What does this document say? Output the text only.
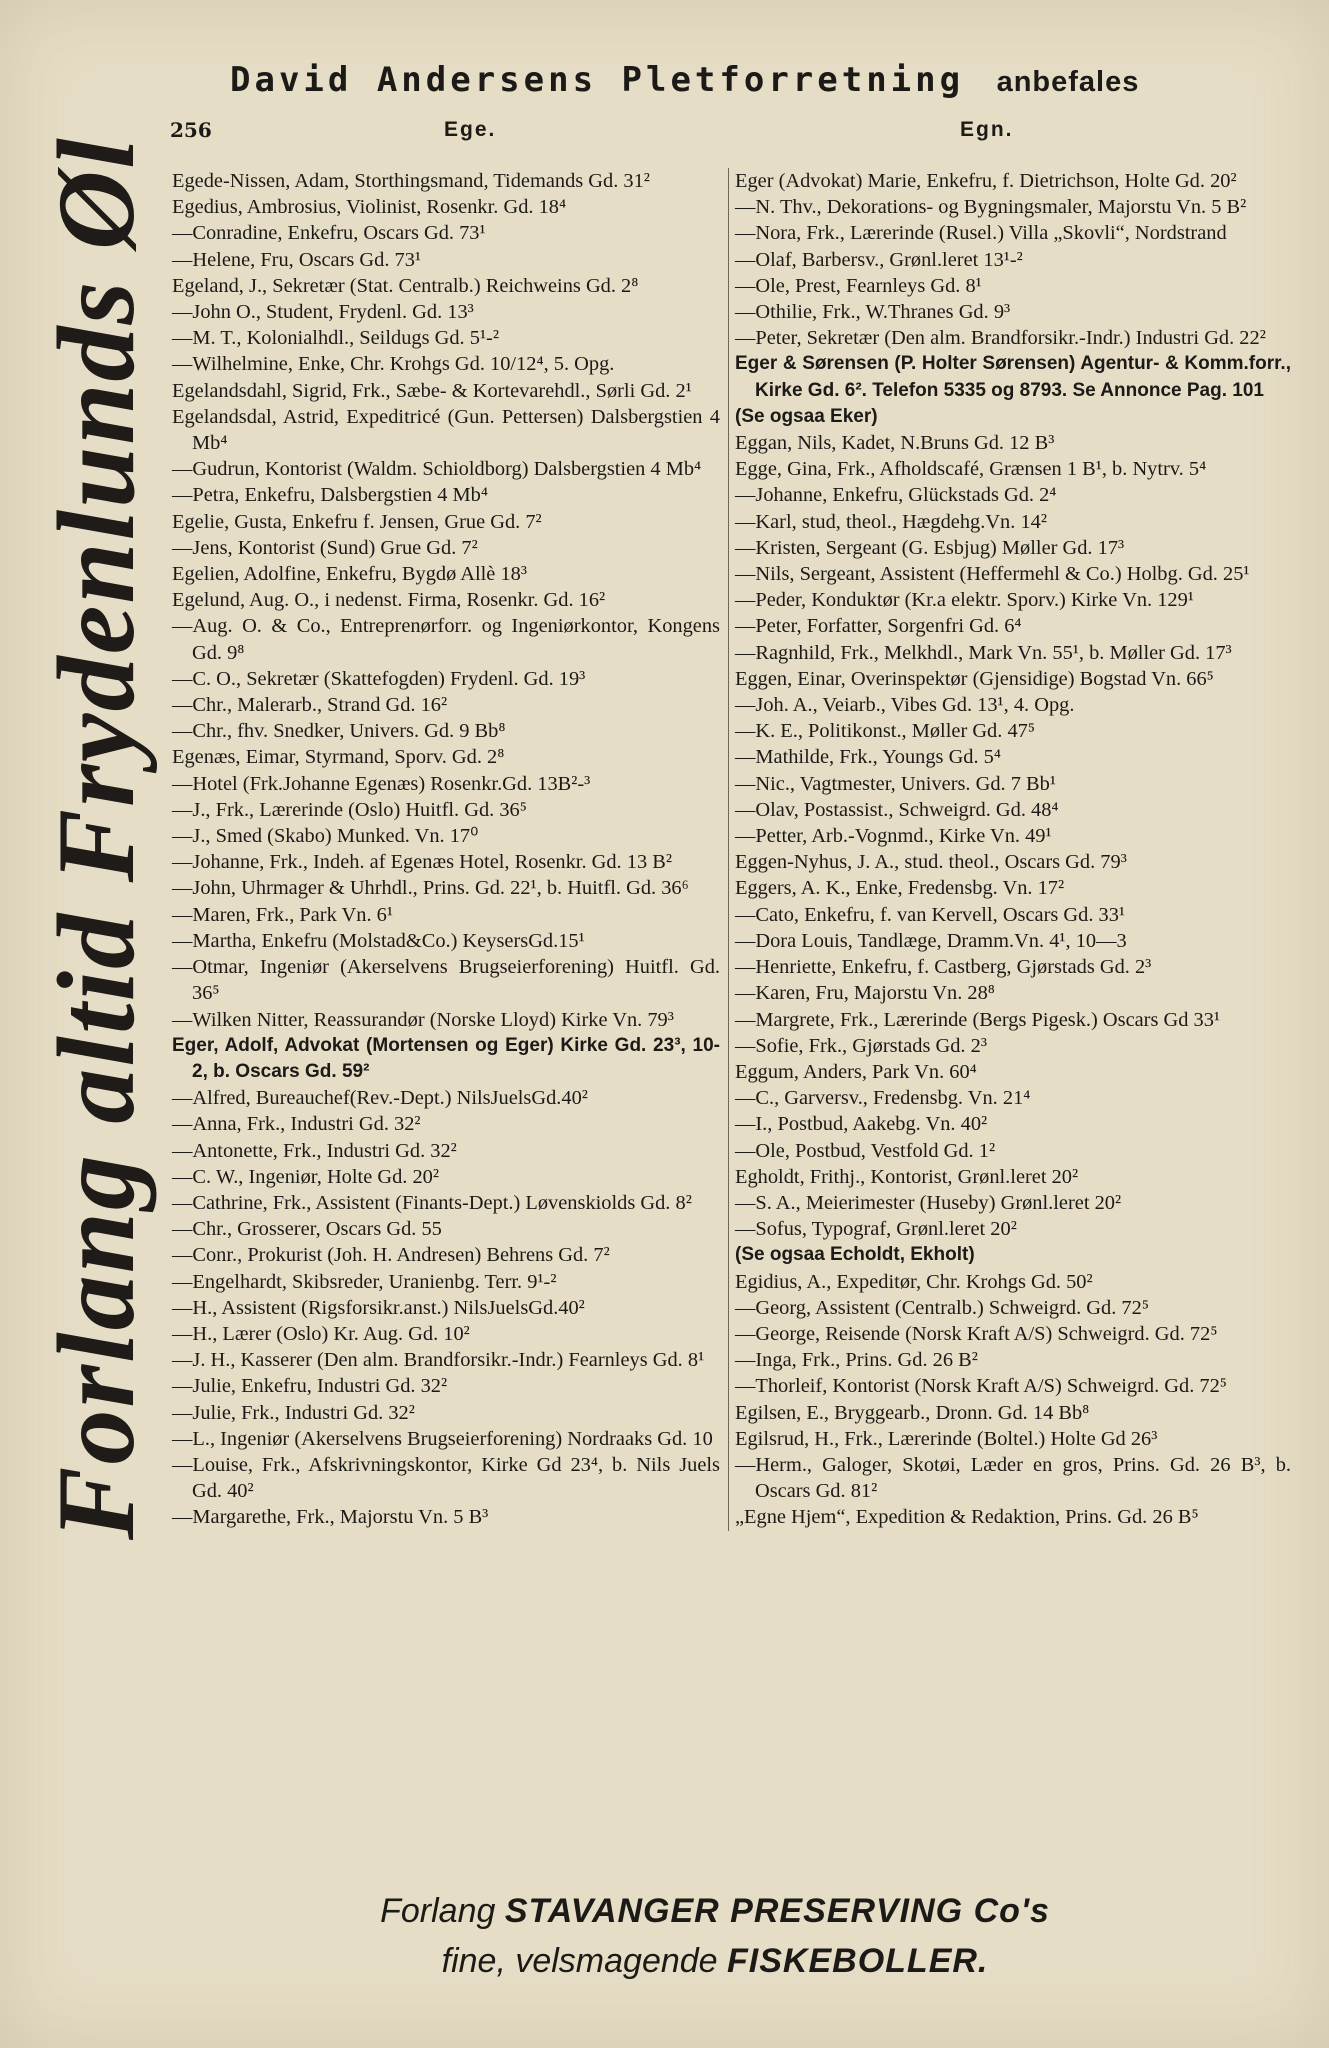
David Andersens Pletforretning anbefales
256	Ege.	Egn.
Forlang altid Frydenlunds Øl Egede-Nissen, Adam, Storthingsmand, Tidemands Gd. 31²
Egedius, Ambrosius, Violinist, Rosenkr. Gd. 18⁴
—Conradine, Enkefru, Oscars Gd. 73¹
—Helene, Fru, Oscars Gd. 73¹
Egeland, J., Sekretær (Stat. Centralb.) Reichweins Gd. 2⁸
—John O., Student, Frydenl. Gd. 13³
—M. T., Kolonialhdl., Seildugs Gd. 5¹-²
—Wilhelmine, Enke, Chr. Krohgs Gd. 10/12⁴, 5. Opg.
Egelandsdahl, Sigrid, Frk., Sæbe- & Kortevarehdl., Sørli Gd. 2¹
Egelandsdal, Astrid, Expeditricé (Gun. Pettersen) Dalsbergstien 4 Mb⁴
—Gudrun, Kontorist (Waldm. Schioldborg) Dalsbergstien 4 Mb⁴
—Petra, Enkefru, Dalsbergstien 4 Mb⁴
Egelie, Gusta, Enkefru f. Jensen, Grue Gd. 7²
—Jens, Kontorist (Sund) Grue Gd. 7²
Egelien, Adolfine, Enkefru, Bygdø Allè 18³
Egelund, Aug. O., i nedenst. Firma, Rosenkr. Gd. 16²
—Aug. O. & Co., Entreprenørforr. og Ingeniørkontor, Kongens Gd. 9⁸
—C. O., Sekretær (Skattefogden) Frydenl. Gd. 19³
—Chr., Malerarb., Strand Gd. 16²
—Chr., fhv. Snedker, Univers. Gd. 9 Bb⁸
Egenæs, Eimar, Styrmand, Sporv. Gd. 2⁸
—Hotel (Frk.Johanne Egenæs) Rosenkr.Gd. 13B²-³
—J., Frk., Lærerinde (Oslo) Huitfl. Gd. 36⁵
—J., Smed (Skabo) Munked. Vn. 17⁰
—Johanne, Frk., Indeh. af Egenæs Hotel, Rosenkr. Gd. 13 B²
—John, Uhrmager & Uhrhdl., Prins. Gd. 22¹, b. Huitfl. Gd. 36⁶
—Maren, Frk., Park Vn. 6¹
—Martha, Enkefru (Molstad&Co.) KeysersGd.15¹
—Otmar, Ingeniør (Akerselvens Brugseierforening) Huitfl. Gd. 36⁵
—Wilken Nitter, Reassurandør (Norske Lloyd) Kirke Vn. 79³
Eger, Adolf, Advokat (Mortensen og Eger) Kirke Gd. 23³, 10-2, b. Oscars Gd. 59²
—Alfred, Bureauchef(Rev.-Dept.) NilsJuelsGd.40²
—Anna, Frk., Industri Gd. 32²
—Antonette, Frk., Industri Gd. 32²
—C. W., Ingeniør, Holte Gd. 20²
—Cathrine, Frk., Assistent (Finants-Dept.) Løvenskiolds Gd. 8²
—Chr., Grosserer, Oscars Gd. 55
—Conr., Prokurist (Joh. H. Andresen) Behrens Gd. 7²
—Engelhardt, Skibsreder, Uranienbg. Terr. 9¹-²
—H., Assistent (Rigsforsikr.anst.) NilsJuelsGd.40²
—H., Lærer (Oslo) Kr. Aug. Gd. 10²
—J. H., Kasserer (Den alm. Brandforsikr.-Indr.) Fearnleys Gd. 8¹
—Julie, Enkefru, Industri Gd. 32²
—Julie, Frk., Industri Gd. 32²
—L., Ingeniør (Akerselvens Brugseierforening) Nordraaks Gd. 10
—Louise, Frk., Afskrivningskontor, Kirke Gd 23⁴, b. Nils Juels Gd. 40²
—Margarethe, Frk., Majorstu Vn. 5 B³
Eger (Advokat) Marie, Enkefru, f. Dietrichson, Holte Gd. 20²
—N. Thv., Dekorations- og Bygningsmaler, Majorstu Vn. 5 B²
—Nora, Frk., Lærerinde (Rusel.) Villa „Skovli“, Nordstrand
—Olaf, Barbersv., Grønl.leret 13¹-²
—Ole, Prest, Fearnleys Gd. 8¹
—Othilie, Frk., W.Thranes Gd. 9³
—Peter, Sekretær (Den alm. Brandforsikr.-Indr.) Industri Gd. 22²
Eger & Sørensen (P. Holter Sørensen) Agentur- & Komm.forr., Kirke Gd. 6². Telefon 5335 og 8793. Se Annonce Pag. 101
(Se ogsaa Eker)
Eggan, Nils, Kadet, N.Bruns Gd. 12 B³
Egge, Gina, Frk., Afholdscafé, Grænsen 1 B¹, b. Nytrv. 5⁴
—Johanne, Enkefru, Glückstads Gd. 2⁴
—Karl, stud, theol., Hægdehg.Vn. 14²
—Kristen, Sergeant (G. Esbjug) Møller Gd. 17³
—Nils, Sergeant, Assistent (Heffermehl & Co.) Holbg. Gd. 25¹
—Peder, Konduktør (Kr.a elektr. Sporv.) Kirke Vn. 129¹
—Peter, Forfatter, Sorgenfri Gd. 6⁴
—Ragnhild, Frk., Melkhdl., Mark Vn. 55¹, b. Møller Gd. 17³
Eggen, Einar, Overinspektør (Gjensidige) Bogstad Vn. 66⁵
—Joh. A., Veiarb., Vibes Gd. 13¹, 4. Opg.
—K. E., Politikonst., Møller Gd. 47⁵
—Mathilde, Frk., Youngs Gd. 5⁴
—Nic., Vagtmester, Univers. Gd. 7 Bb¹
—Olav, Postassist., Schweigrd. Gd. 48⁴
—Petter, Arb.-Vognmd., Kirke Vn. 49¹
Eggen-Nyhus, J. A., stud. theol., Oscars Gd. 79³
Eggers, A. K., Enke, Fredensbg. Vn. 17²
—Cato, Enkefru, f. van Kervell, Oscars Gd. 33¹
—Dora Louis, Tandlæge, Dramm.Vn. 4¹, 10—3
—Henriette, Enkefru, f. Castberg, Gjørstads Gd. 2³
—Karen, Fru, Majorstu Vn. 28⁸
—Margrete, Frk., Lærerinde (Bergs Pigesk.) Oscars Gd 33¹
—Sofie, Frk., Gjørstads Gd. 2³
Eggum, Anders, Park Vn. 60⁴
—C., Garversv., Fredensbg. Vn. 21⁴
—I., Postbud, Aakebg. Vn. 40²
—Ole, Postbud, Vestfold Gd. 1²
Egholdt, Frithj., Kontorist, Grønl.leret 20²
—S. A., Meierimester (Huseby) Grønl.leret 20²
—Sofus, Typograf, Grønl.leret 20²
(Se ogsaa Echoldt, Ekholt)
Egidius, A., Expeditør, Chr. Krohgs Gd. 50²
—Georg, Assistent (Centralb.) Schweigrd. Gd. 72⁵
—George, Reisende (Norsk Kraft A/S) Schweigrd. Gd. 72⁵
—Inga, Frk., Prins. Gd. 26 B²
—Thorleif, Kontorist (Norsk Kraft A/S) Schweigrd. Gd. 72⁵
Egilsen, E., Bryggearb., Dronn. Gd. 14 Bb⁸
Egilsrud, H., Frk., Lærerinde (Boltel.) Holte Gd 26³
—Herm., Galoger, Skotøi, Læder en gros, Prins. Gd. 26 B³, b. Oscars Gd. 81²
„Egne Hjem“, Expedition & Redaktion, Prins. Gd. 26 B⁵
Forlang STAVANGER PRESERVING Co's
fine, velsmagende FISKEBOLLER.
